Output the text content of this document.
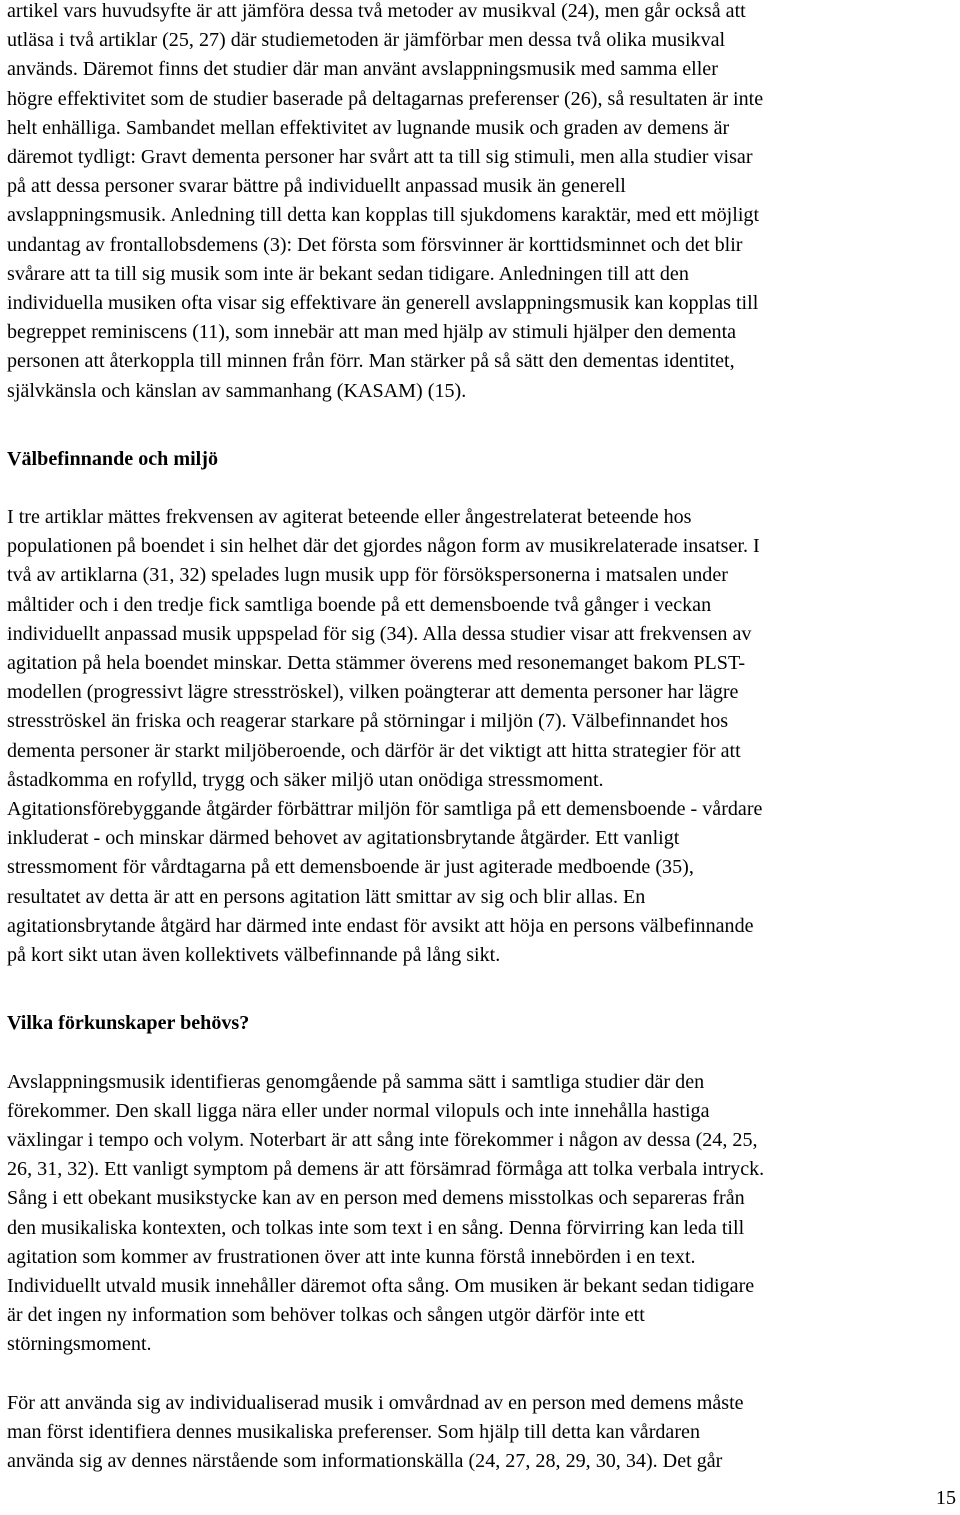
artikel vars huvudsyfte är att jämföra dessa två metoder av musikval (24), men går också att
utläsa i två artiklar (25, 27) där studiemetoden är jämförbar men dessa två olika musikval
används. Däremot finns det studier där man använt avslappningsmusik med samma eller
högre effektivitet som de studier baserade på deltagarnas preferenser (26), så resultaten är inte
helt enhälliga. Sambandet mellan effektivitet av lugnande musik och graden av demens är
däremot tydligt: Gravt dementa personer har svårt att ta till sig stimuli, men alla studier visar
på att dessa personer svarar bättre på individuellt anpassad musik än generell
avslappningsmusik. Anledning till detta kan kopplas till sjukdomens karaktär, med ett möjligt
undantag av frontallobsdemens (3): Det första som försvinner är korttidsminnet och det blir
svårare att ta till sig musik som inte är bekant sedan tidigare. Anledningen till att den
individuella musiken ofta visar sig effektivare än generell avslappningsmusik kan kopplas till
begreppet reminiscens (11), som innebär att man med hjälp av stimuli hjälper den dementa
personen att återkoppla till minnen från förr. Man stärker på så sätt den dementas identitet,
självkänsla och känslan av sammanhang (KASAM) (15).

Välbefinnande och miljö

I tre artiklar mättes frekvensen av agiterat beteende eller ångestrelaterat beteende hos
populationen på boendet i sin helhet där det gjordes någon form av musikrelaterade insatser. I
två av artiklarna (31, 32) spelades lugn musik upp för försökspersonerna i matsalen under
måltider och i den tredje fick samtliga boende på ett demensboende två gånger i veckan
individuellt anpassad musik uppspelad för sig (34). Alla dessa studier visar att frekvensen av
agitation på hela boendet minskar. Detta stämmer överens med resonemanget bakom PLST-
modellen (progressivt lägre stresströskel), vilken poängterar att dementa personer har lägre
stresströskel än friska och reagerar starkare på störningar i miljön (7). Välbefinnandet hos
dementa personer är starkt miljöberoende, och därför är det viktigt att hitta strategier för att
åstadkomma en rofylld, trygg och säker miljö utan onödiga stressmoment.
Agitationsförebyggande åtgärder förbättrar miljön för samtliga på ett demensboende - vårdare
inkluderat - och minskar därmed behovet av agitationsbrytande åtgärder. Ett vanligt
stressmoment för vårdtagarna på ett demensboende är just agiterade medboende (35),
resultatet av detta är att en persons agitation lätt smittar av sig och blir allas. En
agitationsbrytande åtgärd har därmed inte endast för avsikt att höja en persons välbefinnande
på kort sikt utan även kollektivets välbefinnande på lång sikt.

Vilka förkunskaper behövs?

Avslappningsmusik identifieras genomgående på samma sätt i samtliga studier där den
förekommer. Den skall ligga nära eller under normal vilopuls och inte innehålla hastiga
växlingar i tempo och volym. Noterbart är att sång inte förekommer i någon av dessa (24, 25,
26, 31, 32). Ett vanligt symptom på demens är att försämrad förmåga att tolka verbala intryck.
Sång i ett obekant musikstycke kan av en person med demens misstolkas och separeras från
den musikaliska kontexten, och tolkas inte som text i en sång. Denna förvirring kan leda till
agitation som kommer av frustrationen över att inte kunna förstå innebörden i en text.
Individuellt utvald musik innehåller däremot ofta sång. Om musiken är bekant sedan tidigare
är det ingen ny information som behöver tolkas och sången utgör därför inte ett
störningsmoment.

För att använda sig av individualiserad musik i omvårdnad av en person med demens måste
man först identifiera dennes musikaliska preferenser. Som hjälp till detta kan vårdaren
använda sig av dennes närstående som informationskälla (24, 27, 28, 29, 30, 34). Det går

15
